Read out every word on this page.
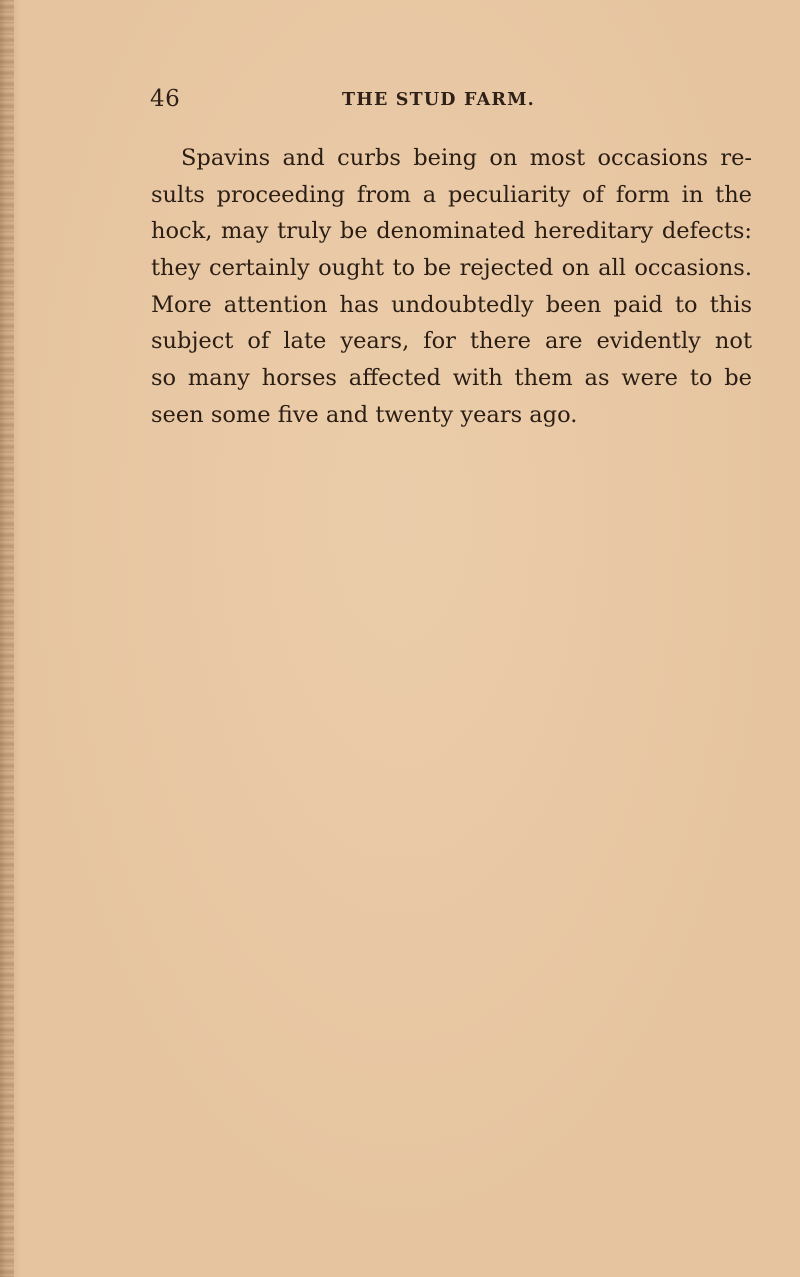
46	THE STUD FARM.
Spavins and curbs being on most occasions re-
sults proceeding from a peculiarity of form in the
hock, may truly be denominated hereditary defects:
they certainly ought to be rejected on all occasions.
More attention has undoubtedly been paid to this
subject of late years, for there are evidently not
so many horses affected with them as were to be
seen some five and twenty years ago.
